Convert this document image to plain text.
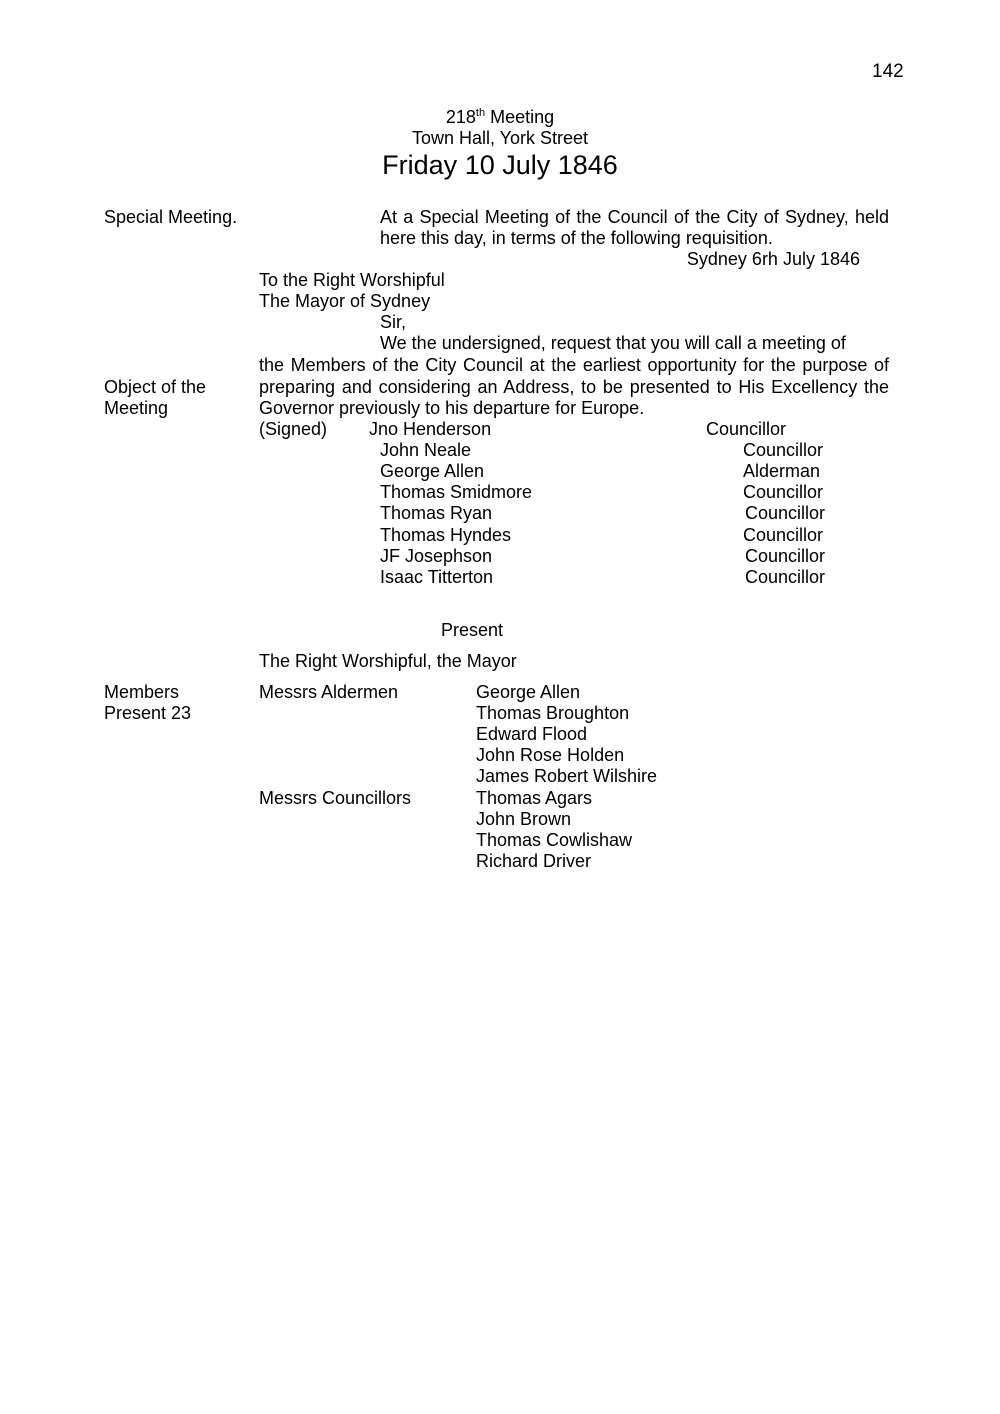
142
218th Meeting
Town Hall, York Street
Friday 10 July 1846
Special Meeting.
Object of the
Meeting
Members
Present 23
At a Special Meeting of the Council of the City of Sydney, held
here this day, in terms of the following requisition.
Sydney 6rh July 1846
To the Right Worshipful
The Mayor of Sydney
Sir,
We the undersigned, request that you will call a meeting of
the Members of the City Council at the earliest opportunity for the purpose of
preparing and considering an Address, to be presented to His Excellency the
Governor previously to his departure for Europe.
(Signed) Jno Henderson	Councillor
John Neale	Councillor
George Allen	Alderman
Thomas Smidmore	Councillor
Thomas Ryan	Councillor
Thomas Hyndes	Councillor
JF Josephson	Councillor
Isaac Titterton	Councillor
Present
The Right Worshipful, the Mayor
Messrs Aldermen	George Allen
Thomas Broughton
Edward Flood
John Rose Holden
James Robert Wilshire
Messrs Councillors	Thomas Agars
John Brown
Thomas Cowlishaw
Richard Driver
